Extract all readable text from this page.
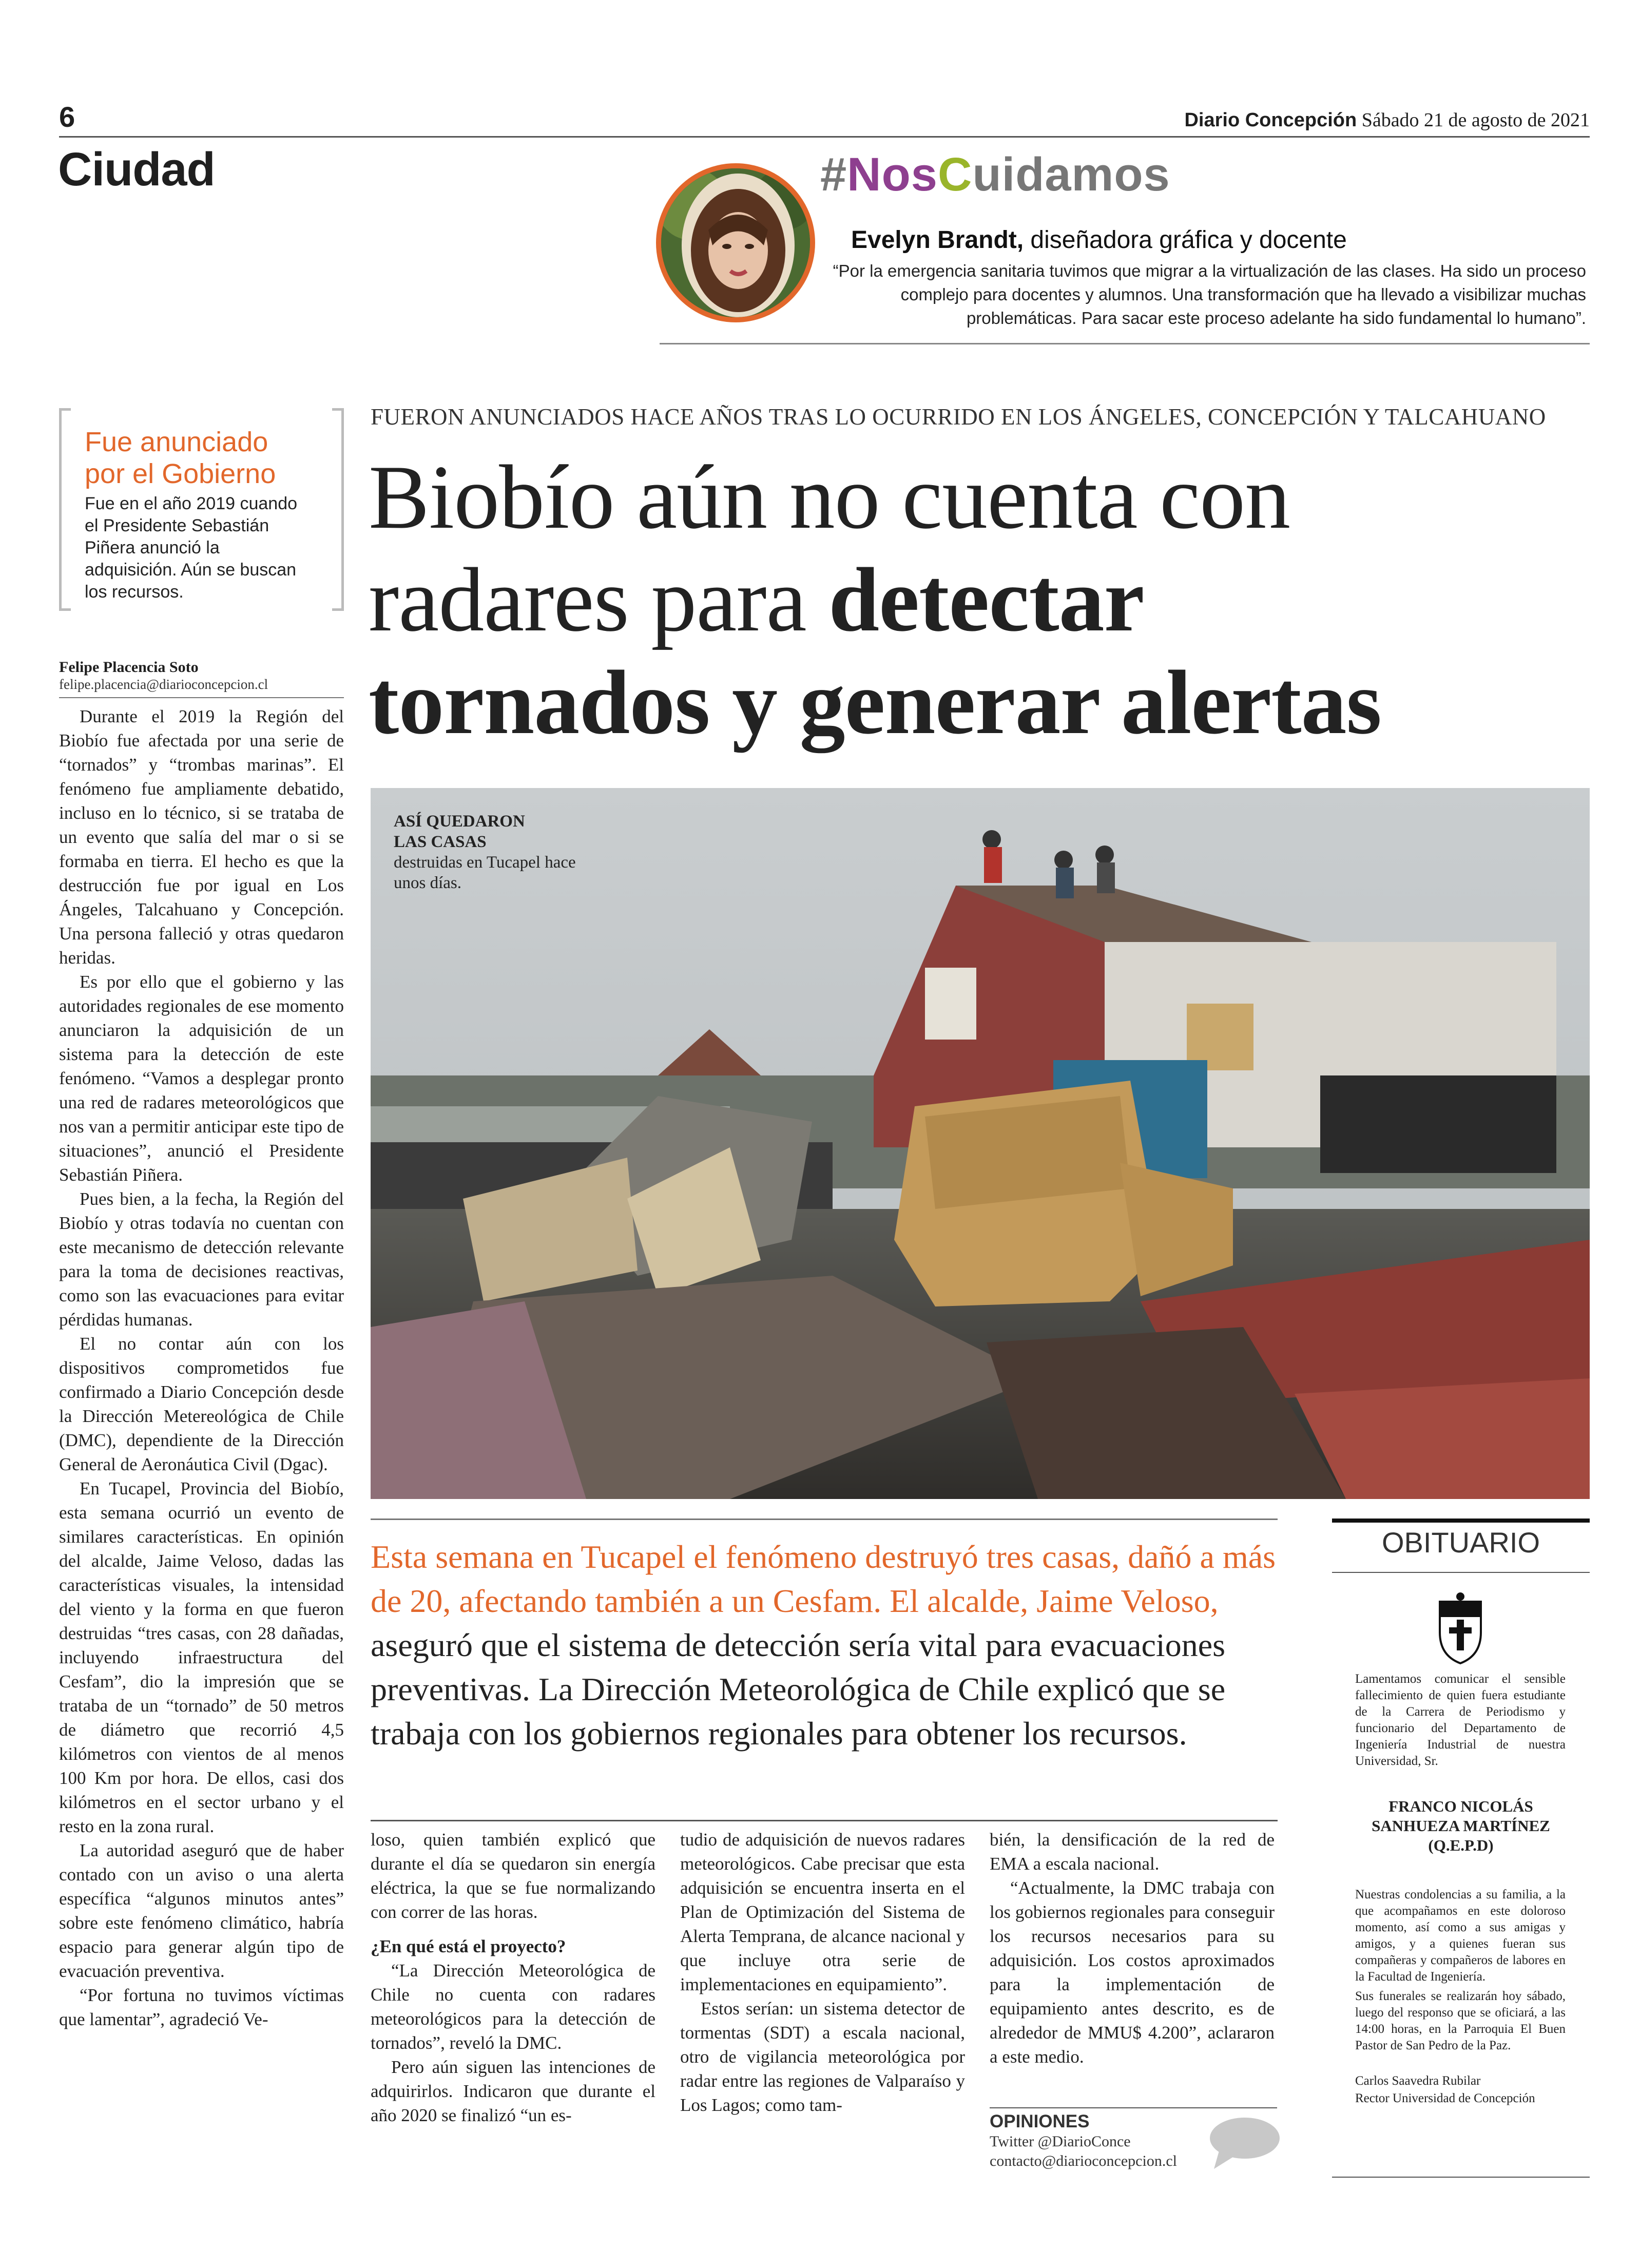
6	Diario Concepción Sábado 21 de agosto de 2021
Ciudad	#NosCuidamos
Evelyn Brandt, diseñadora gráfica y docente
“Por la emergencia sanitaria tuvimos que migrar a la virtualización de las clases. Ha sido un proceso complejo para docentes y alumnos. Una transformación que ha llevado a visibilizar muchas problemáticas. Para sacar este proceso adelante ha sido fundamental lo humano”.
Fue anunciado por el Gobierno
Fue en el año 2019 cuando el Presidente Sebastián Piñera anunció la adquisición. Aún se buscan los recursos.
Felipe Placencia Soto
felipe.placencia@diarioconcepcion.cl

Durante el 2019 la Región del Biobío fue afectada por una serie de “tornados” y “trombas marinas”. El fenómeno fue ampliamente debatido, incluso en lo técnico, si se trataba de un evento que salía del mar o si se formaba en tierra. El hecho es que la destrucción fue por igual en Los Ángeles, Talcahuano y Concepción. Una persona falleció y otras quedaron heridas.

Es por ello que el gobierno y las autoridades regionales de ese momento anunciaron la adquisición de un sistema para la detección de este fenómeno. “Vamos a desplegar pronto una red de radares meteorológicos que nos van a permitir anticipar este tipo de situaciones”, anunció el Presidente Sebastián Piñera.

Pues bien, a la fecha, la Región del Biobío y otras todavía no cuentan con este mecanismo de detección relevante para la toma de decisiones reactivas, como son las evacuaciones para evitar pérdidas humanas.

El no contar aún con los dispositivos comprometidos fue confirmado a Diario Concepción desde la Dirección Metereológica de Chile (DMC), dependiente de la Dirección General de Aeronáutica Civil (Dgac).

En Tucapel, Provincia del Biobío, esta semana ocurrió un evento de similares características. En opinión del alcalde, Jaime Veloso, dadas las características visuales, la intensidad del viento y la forma en que fueron destruidas “tres casas, con 28 dañadas, incluyendo infraestructura del Cesfam”, dio la impresión que se trataba de un “tornado” de 50 metros de diámetro que recorrió 4,5 kilómetros con vientos de al menos 100 Km por hora. De ellos, casi dos kilómetros en el sector urbano y el resto en la zona rural.

La autoridad aseguró que de haber contado con un aviso o una alerta específica “algunos minutos antes” sobre este fenómeno climático, habría espacio para generar algún tipo de evacuación preventiva.

“Por fortuna no tuvimos víctimas que lamentar”, agradeció Ve-

FUERON ANUNCIADOS HACE AÑOS TRAS LO OCURRIDO EN LOS ÁNGELES, CONCEPCIÓN Y TALCAHUANO
Biobío aún no cuenta con
radares para detectar
tornados y generar alertas
ASÍ QUEDARON
LAS CASAS
destruidas en Tucapel hace unos días.
Esta semana en Tucapel el fenómeno destruyó tres casas, dañó a más de 20, afectando también a un Cesfam. El alcalde, Jaime Veloso, aseguró que el sistema de detección sería vital para evacuaciones preventivas. La Dirección Meteorológica de Chile explicó que se trabaja con los gobiernos regionales para obtener los recursos.

loso, quien también explicó que durante el día se quedaron sin energía eléctrica, la que se fue normalizando con correr de las horas.

¿En qué está el proyecto?

“La Dirección Meteorológica de Chile no cuenta con radares meteorológicos para la detección de tornados”, reveló la DMC.

Pero aún siguen las intenciones de adquirirlos. Indicaron que durante el año 2020 se finalizó “un es-

tudio de adquisición de nuevos radares meteorológicos. Cabe precisar que esta adquisición se encuentra inserta en el Plan de Optimización del Sistema de Alerta Temprana, de alcance nacional y que incluye otra serie de implementaciones en equipamiento”.

Estos serían: un sistema detector de tormentas (SDT) a escala nacional, otro de vigilancia meteorológica por radar entre las regiones de Valparaíso y Los Lagos; como tam-

bién, la densificación de la red de EMA a escala nacional.

“Actualmente, la DMC trabaja con los gobiernos regionales para conseguir los recursos necesarios para su adquisición. Los costos aproximados para la implementación de equipamiento antes descrito, es de alrededor de MMU$ 4.200”, aclararon a este medio.

OPINIONES
Twitter @DiarioConce
contacto@diarioconcepcion.cl
OBITUARIO
Lamentamos comunicar el sensible fallecimiento de quien fuera estudiante de la Carrera de Periodismo y funcionario del Departamento de Ingeniería Industrial de nuestra Universidad, Sr.
FRANCO NICOLÁS
SANHUEZA MARTÍNEZ
(Q.E.P.D)
Nuestras condolencias a su familia, a la que acompañamos en este doloroso momento, así como a sus amigas y amigos, y a quienes fueran sus compañeras y compañeros de labores en la Facultad de Ingeniería.
Sus funerales se realizarán hoy sábado, luego del responso que se oficiará, a las 14:00 horas, en la Parroquia El Buen Pastor de San Pedro de la Paz.
Carlos Saavedra Rubilar
Rector Universidad de Concepción
